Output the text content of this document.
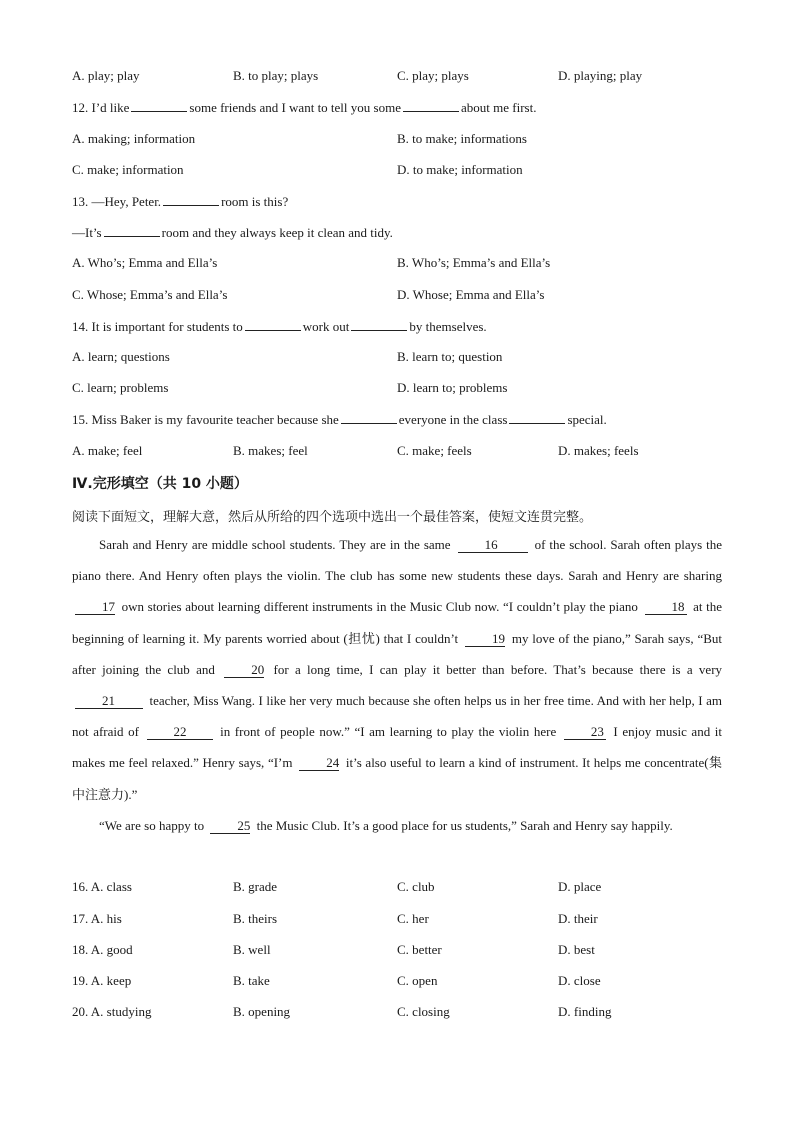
A. play; play	B. to play; plays	C. play; plays	D. playing; play
12. I’d like	some friends and I want to tell you some	about me first.
A. making; information	B. to make; informations
C. make; information	D. to make; information
13. —Hey, Peter.	room is this?
—It’s	room and they always keep it clean and tidy.
A. Who’s; Emma and Ella’s	B. Who’s; Emma’s and Ella’s
C. Whose; Emma’s and Ella’s	D. Whose; Emma and Ella’s
14. It is important for students to	work out	by themselves.
A. learn; questions	B. learn to; question
C. learn; problems	D. learn to; problems
15. Miss Baker is my favourite teacher because she	everyone in the class	special.
A. make; feel	B. makes; feel	C. make; feels	D. makes; feels
Ⅳ.完形填空（共 10 小题）
阅读下面短文，理解大意，然后从所给的四个选项中选出一个最佳答案，使短文连贯完整。
Sarah and Henry are middle school students. They are in the same	16	of the school. Sarah often plays the piano there. And Henry often plays the violin. The club has some new students these days. Sarah and Henry are sharing 17 own stories about learning different instruments in the Music Club now. “I couldn’t play the piano	18 at the beginning of learning it. My parents worried about (担忧) that I couldn’t	19 my love of the piano,” Sarah says, “But after joining the club and	20 for a long time, I can play it better than before. That’s because there is a very 21	teacher, Miss Wang. I like her very much because she often helps us in her free time. And with her help, I am not afraid of	22	in front of people now.” “I am learning to play the violin here	23 I enjoy music and it makes me feel relaxed.” Henry says, “I’m	24 it’s also useful to learn a kind of instrument. It helps me concentrate(集中注意力).”
“We are so happy to	25 the Music Club. It’s a good place for us students,” Sarah and Henry say happily.
16. A. class	B. grade	C. club	D. place
17. A. his	B. theirs	C. her	D. their
18. A. good	B. well	C. better	D. best
19. A. keep	B. take	C. open	D. close
20. A. studying	B. opening	C. closing	D. finding
